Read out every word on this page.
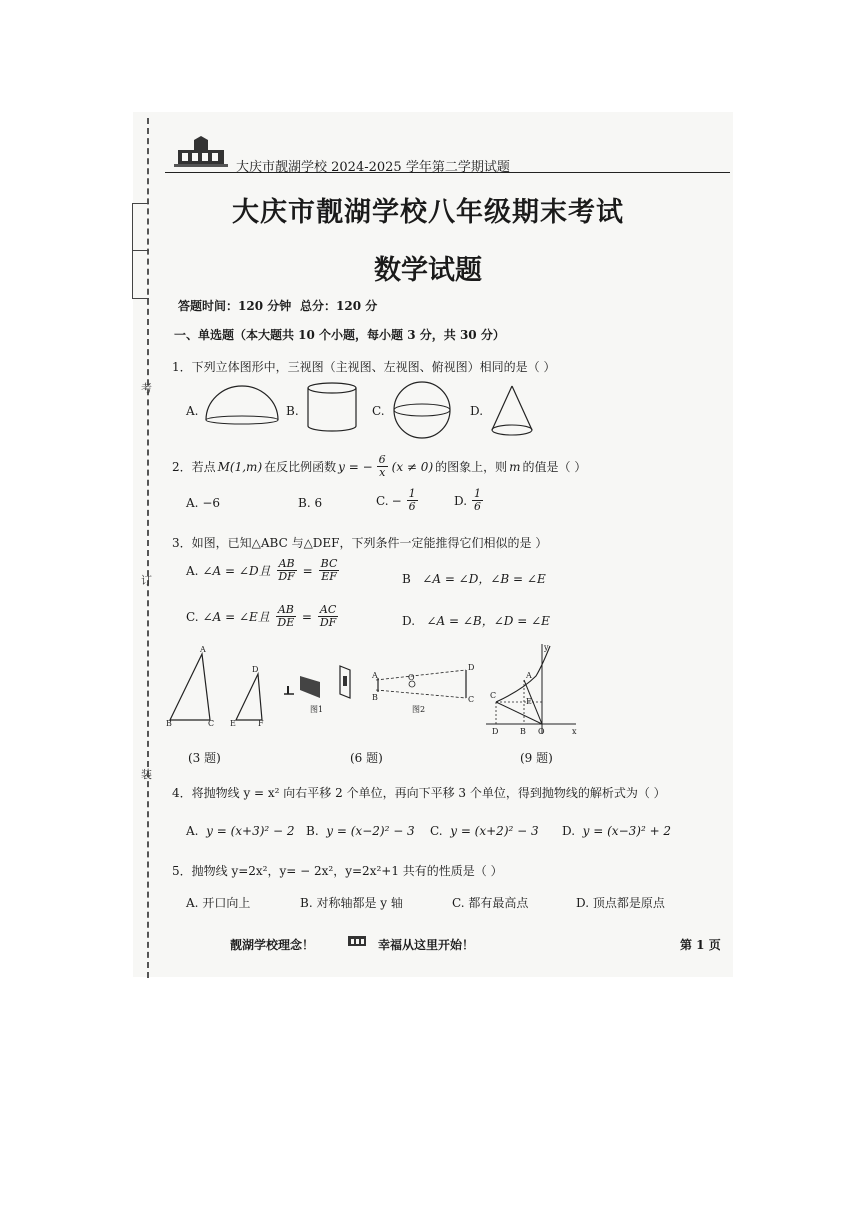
考
订
装
大庆市靓湖学校 2024-2025 学年第二学期试题
大庆市靓湖学校八年级期末考试
数学试题
答题时间：120 分钟 总分：120 分
一、单选题（本大题共 10 个小题，每小题 3 分，共 30 分）
1．下列立体图形中，三视图（主视图、左视图、俯视图）相同的是（ ）
A.	B.	C.	D.
2．若点 M(1,m) 在反比例函数 y = − $\frac{6}{x} (x \ne 0)$ 的图象上，则 m 的值是（ ）
A. −6	B. 6	C. − $\frac{1}{6}$	D. $\frac{1}{6}$
3．如图，已知△ABC 与△DEF，下列条件一定能推得它们相似的是 ）
A. ∠A = ∠D且 $\frac{AB}{DF} = \frac{BC}{EF}$	B ∠A = ∠D，∠B = ∠E
C. ∠A = ∠E且 $\frac{AB}{DE} = \frac{AC}{DF}$	D. ∠A = ∠B，∠D = ∠E
A
B	C
D
E	F
图1	图2
D
C
O
A
B
y
x
A
C
E
D	B O
(3 题)	(6 题)	(9 题)
4．将抛物线 y = x² 向右平移 2 个单位，再向下平移 3 个单位，得到抛物线的解析式为（ ）
A. y = (x+3)² − 2 B. y = (x−2)² − 3 C. y = (x+2)² − 3 D. y = (x−3)² + 2
5．抛物线 y=2x²，y= − 2x²，y=2x²+1 共有的性质是（ ）
A. 开口向上	B. 对称轴都是 y 轴	C. 都有最高点	D. 顶点都是原点
靓湖学校理念！	幸福从这里开始！	第 1 页
